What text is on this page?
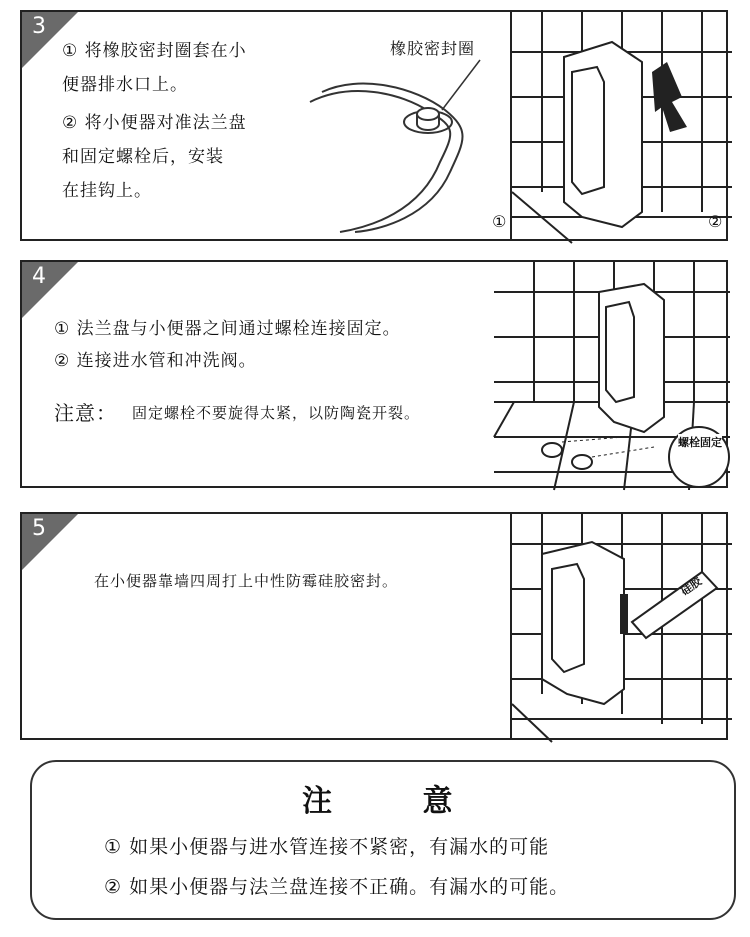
3
① 将橡胶密封圈套在小
便器排水口上。
② 将小便器对准法兰盘
和固定螺栓后，安装
在挂钩上。
橡胶密封圈
①	②
4
① 法兰盘与小便器之间通过螺栓连接固定。
② 连接进水管和冲洗阀。
注意： 固定螺栓不要旋得太紧，以防陶瓷开裂。
螺栓固定
5
在小便器靠墙四周打上中性防霉硅胶密封。	硅胶
注 意
① 如果小便器与进水管连接不紧密，有漏水的可能
② 如果小便器与法兰盘连接不正确。有漏水的可能。
